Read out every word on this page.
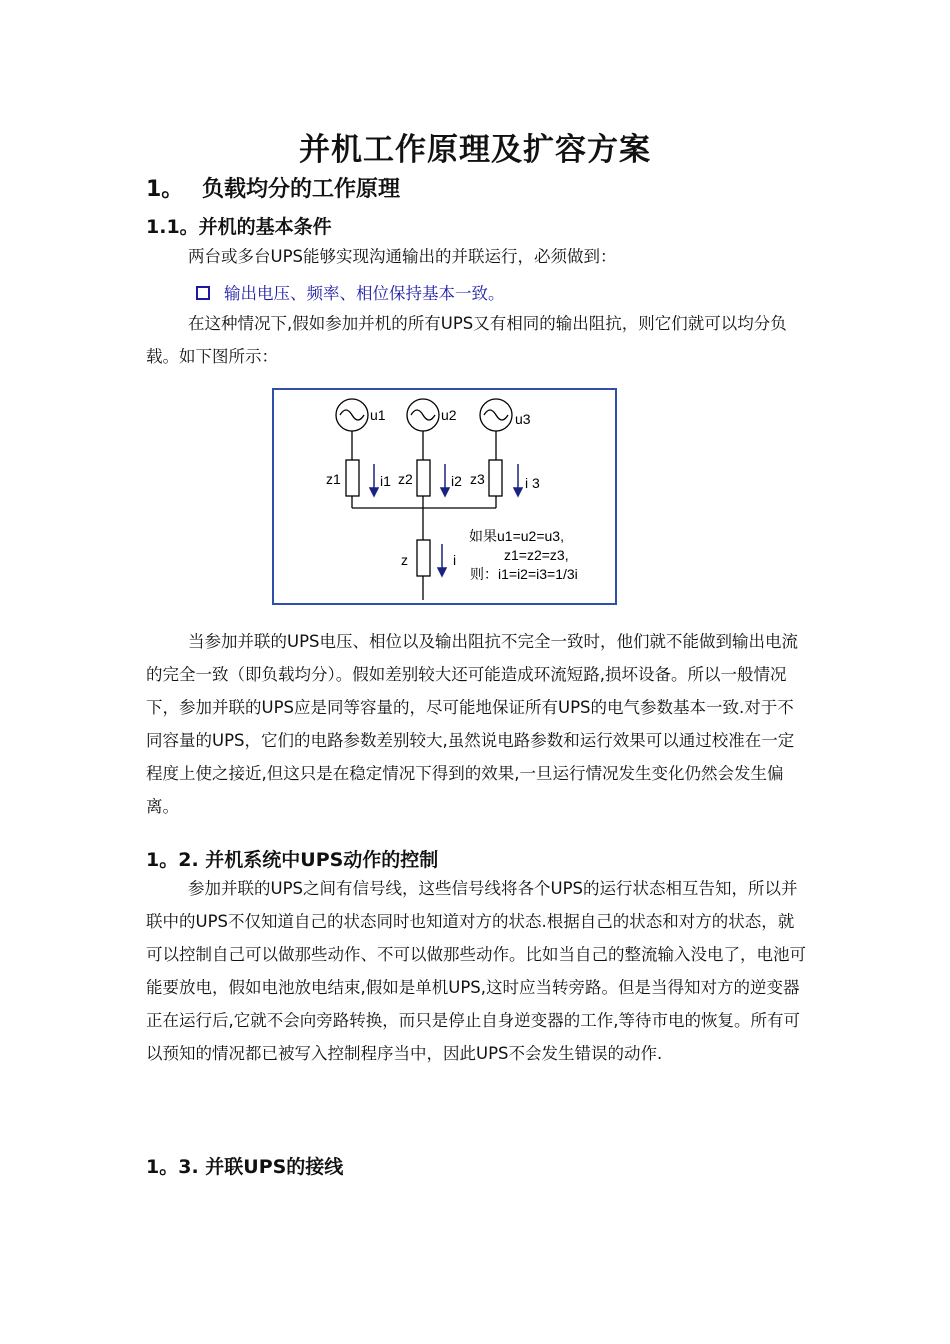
并机工作原理及扩容方案
1。 负载均分的工作原理
1.1。并机的基本条件
两台或多台UPS能够实现沟通输出的并联运行，必须做到：
输出电压、频率、相位保持基本一致。
在这种情况下,假如参加并机的所有UPS又有相同的输出阻抗，则它们就可以均分负载。如下图所示：
u1	u2	u3
z1	z2	z3
i1	i2	i 3
z	i
如果u1=u2=u3,
z1=z2=z3,
则：i1=i2=i3=1/3i
当参加并联的UPS电压、相位以及输出阻抗不完全一致时，他们就不能做到输出电流的完全一致（即负载均分）。假如差别较大还可能造成环流短路,损坏设备。所以一般情况下，参加并联的UPS应是同等容量的，尽可能地保证所有UPS的电气参数基本一致.对于不同容量的UPS，它们的电路参数差别较大,虽然说电路参数和运行效果可以通过校准在一定程度上使之接近,但这只是在稳定情况下得到的效果,一旦运行情况发生变化仍然会发生偏离。
1。2. 并机系统中UPS动作的控制
参加并联的UPS之间有信号线，这些信号线将各个UPS的运行状态相互告知，所以并联中的UPS不仅知道自己的状态同时也知道对方的状态.根据自己的状态和对方的状态，就可以控制自己可以做那些动作、不可以做那些动作。比如当自己的整流输入没电了，电池可能要放电，假如电池放电结束,假如是单机UPS,这时应当转旁路。但是当得知对方的逆变器正在运行后,它就不会向旁路转换，而只是停止自身逆变器的工作,等待市电的恢复。所有可以预知的情况都已被写入控制程序当中，因此UPS不会发生错误的动作.
1。3. 并联UPS的接线
